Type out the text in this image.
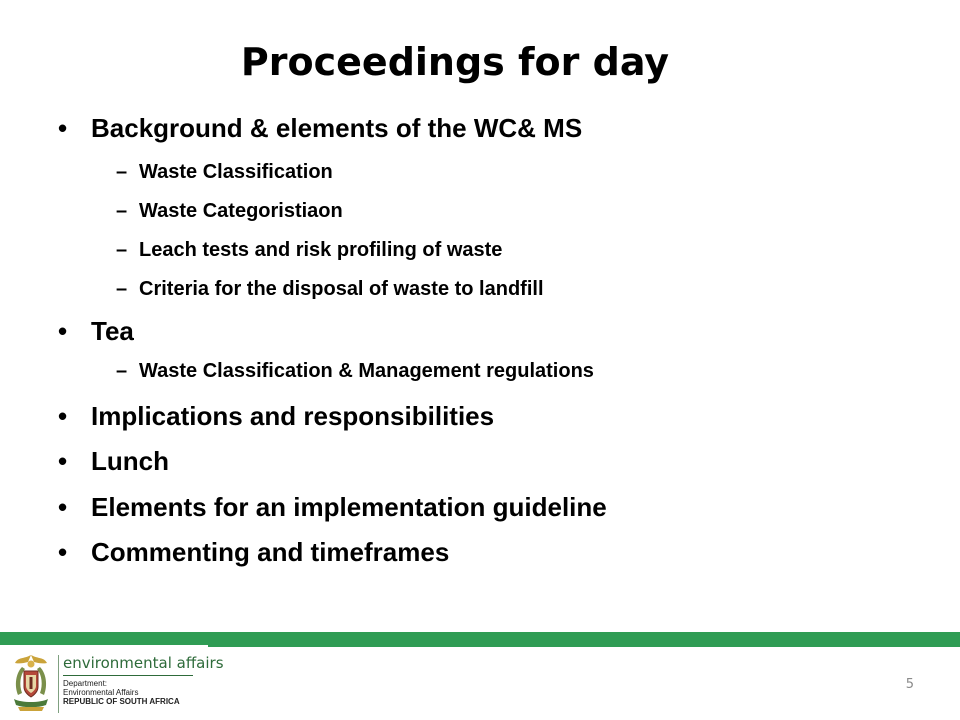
Proceedings for day
• Background & elements of the WC& MS
– Waste Classification
– Waste Categoristiaon
– Leach tests and risk profiling of waste
– Criteria for the disposal of waste to landfill
• Tea
– Waste Classification & Management regulations
• Implications and responsibilities
• Lunch
• Elements for an implementation guideline
• Commenting and timeframes
environmental affairs
Department:
Environmental Affairs
REPUBLIC OF SOUTH AFRICA
5
